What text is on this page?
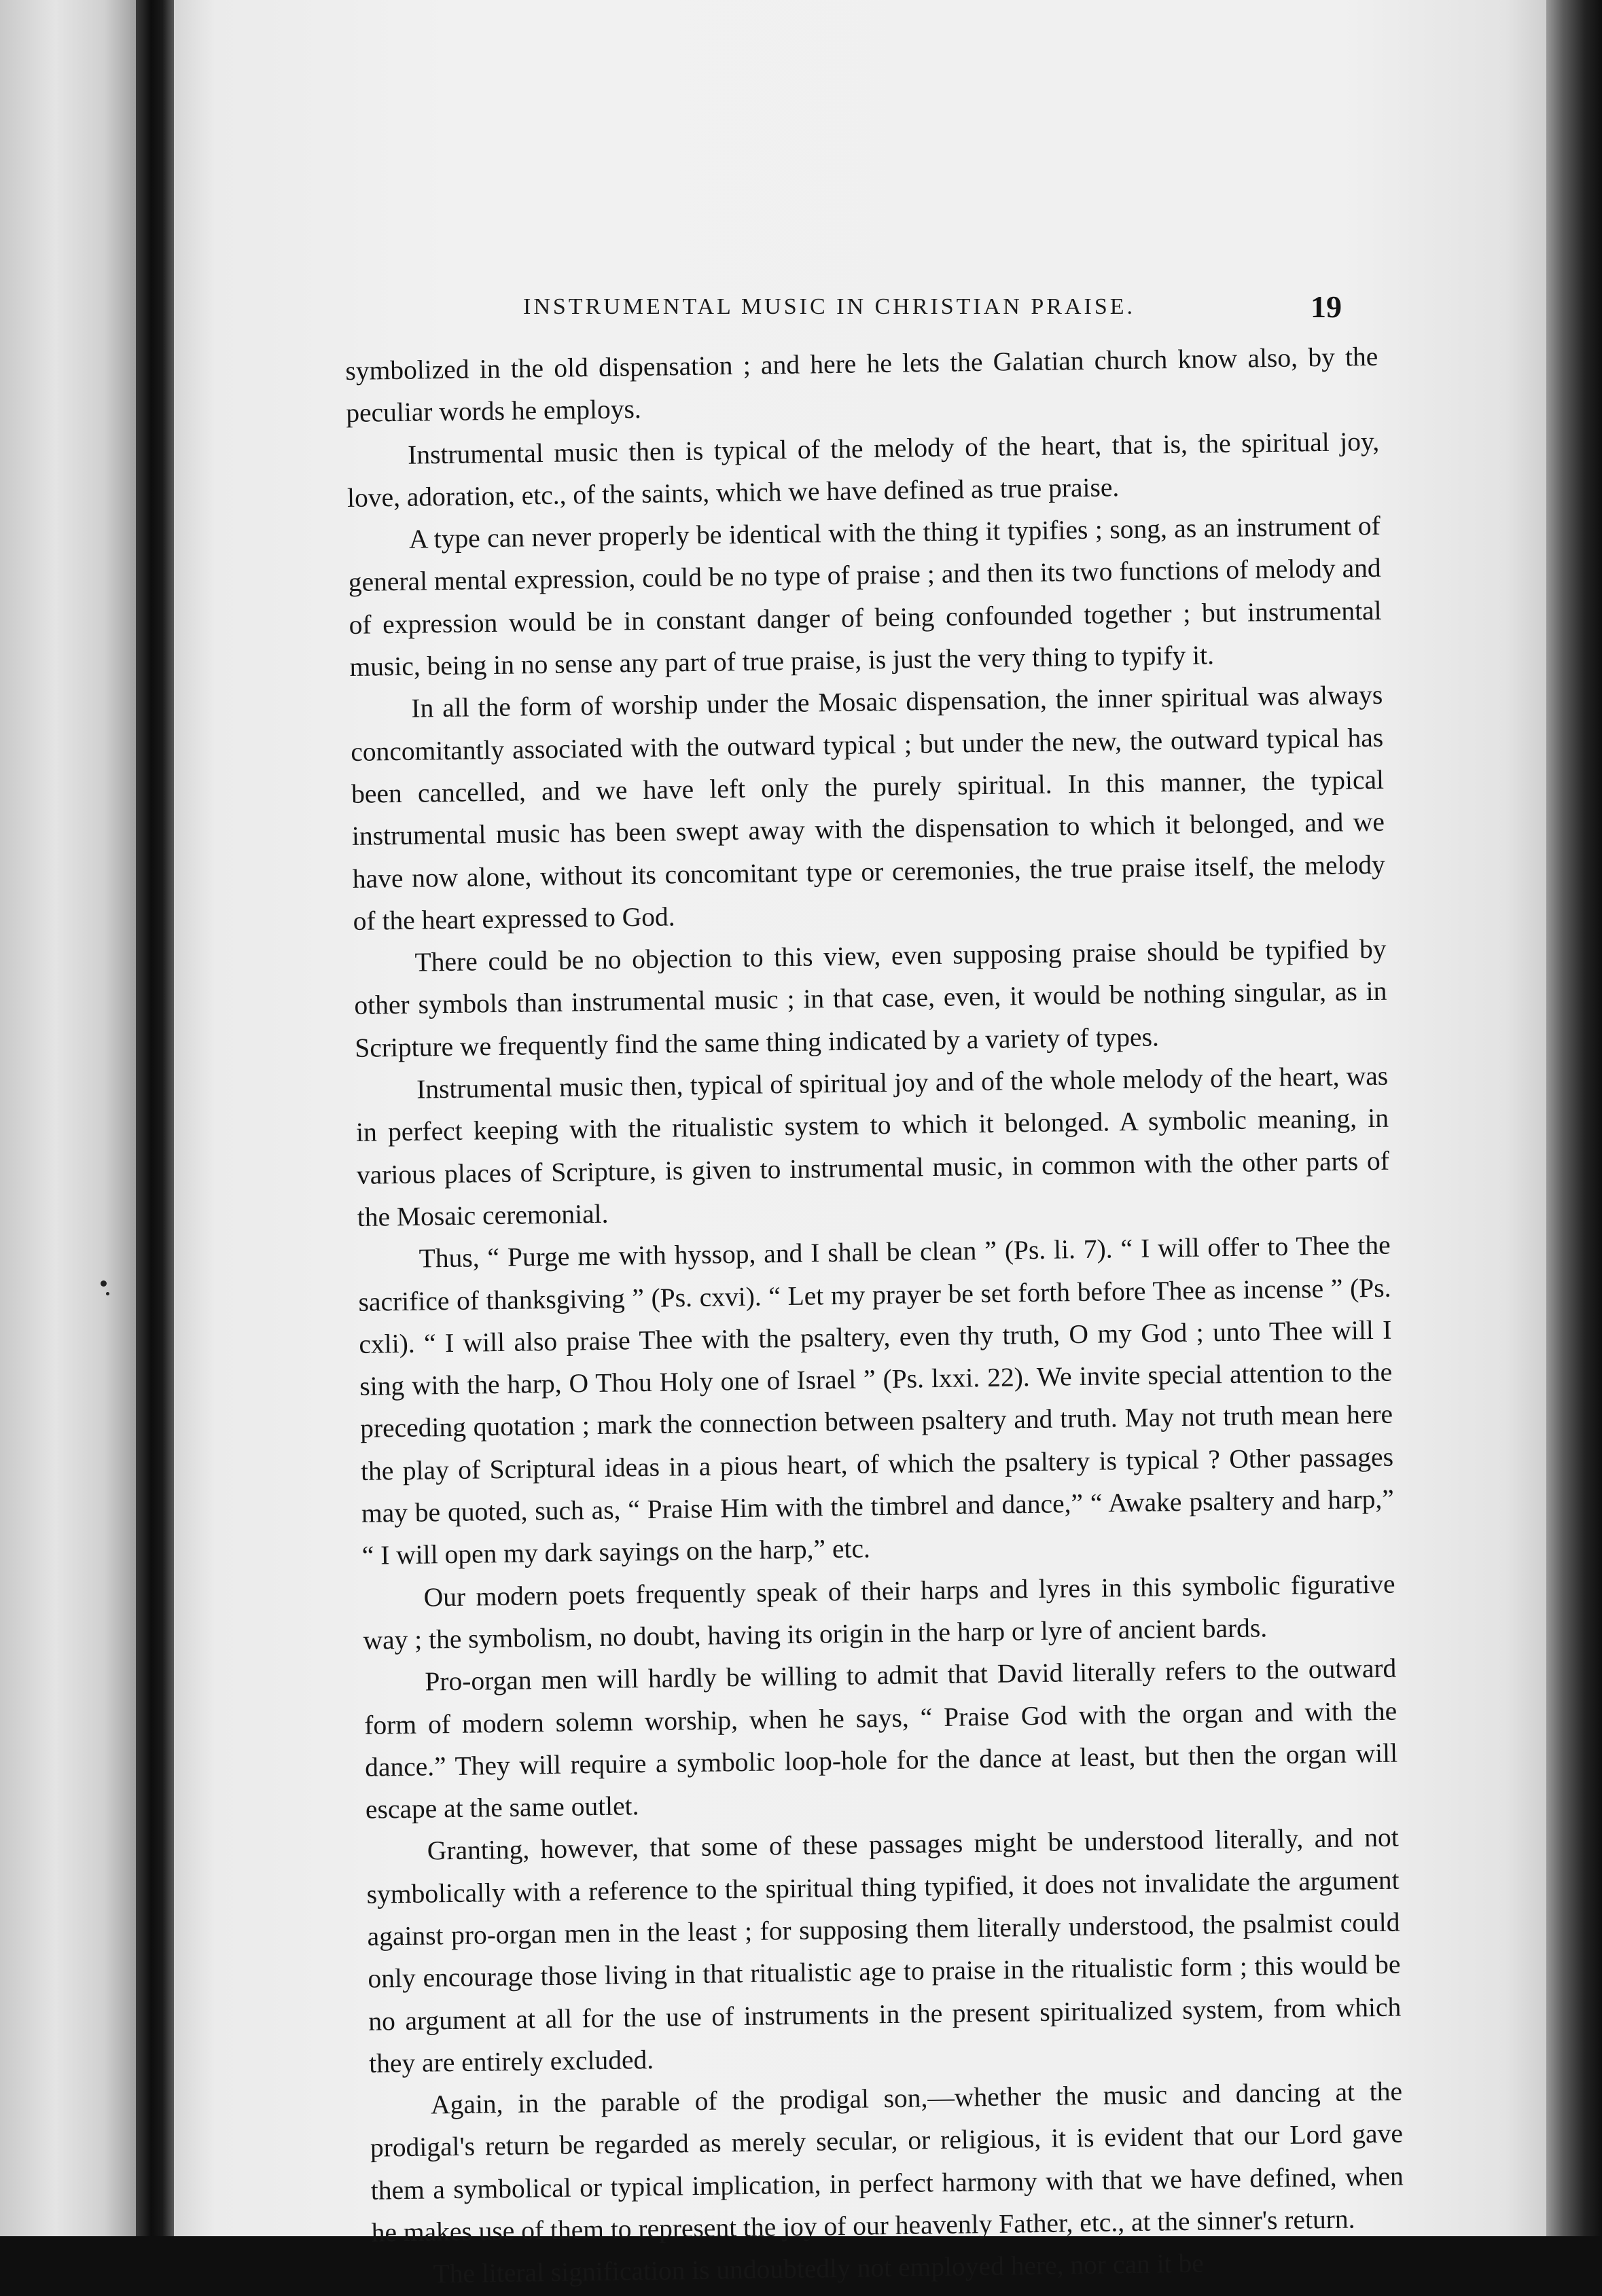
INSTRUMENTAL MUSIC IN CHRISTIAN PRAISE.	19

symbolized in the old dispensation ; and here he lets the Galatian church know also, by the peculiar words he employs.

Instrumental music then is typical of the melody of the heart, that is, the spiritual joy, love, adoration, etc., of the saints, which we have defined as true praise.

A type can never properly be identical with the thing it typifies ; song, as an instrument of general mental expression, could be no type of praise ; and then its two functions of melody and of expression would be in constant danger of being confounded together ; but instrumental music, being in no sense any part of true praise, is just the very thing to typify it.

In all the form of worship under the Mosaic dispensation, the inner spiritual was always concomitantly associated with the outward typical ; but under the new, the outward typical has been cancelled, and we have left only the purely spiritual. In this manner, the typical instrumental music has been swept away with the dispensation to which it belonged, and we have now alone, without its concomitant type or ceremonies, the true praise itself, the melody of the heart expressed to God.

There could be no objection to this view, even supposing praise should be typified by other symbols than instrumental music ; in that case, even, it would be nothing singular, as in Scripture we frequently find the same thing indicated by a variety of types.

Instrumental music then, typical of spiritual joy and of the whole melody of the heart, was in perfect keeping with the ritualistic system to which it belonged. A symbolic meaning, in various places of Scripture, is given to instrumental music, in common with the other parts of the Mosaic ceremonial.

Thus, “ Purge me with hyssop, and I shall be clean ” (Ps. li. 7). “ I will offer to Thee the sacrifice of thanksgiving ” (Ps. cxvi). “ Let my prayer be set forth before Thee as incense ” (Ps. cxli). “ I will also praise Thee with the psaltery, even thy truth, O my God ; unto Thee will I sing with the harp, O Thou Holy one of Israel ” (Ps. lxxi. 22). We invite special attention to the preceding quotation ; mark the connection between psaltery and truth. May not truth mean here the play of Scriptural ideas in a pious heart, of which the psaltery is typical ? Other passages may be quoted, such as, “ Praise Him with the timbrel and dance,” “ Awake psaltery and harp,” “ I will open my dark sayings on the harp,” etc.

Our modern poets frequently speak of their harps and lyres in this symbolic figurative way ; the symbolism, no doubt, having its origin in the harp or lyre of ancient bards.

Pro-organ men will hardly be willing to admit that David literally refers to the outward form of modern solemn worship, when he says, “ Praise God with the organ and with the dance.” They will require a symbolic loop-hole for the dance at least, but then the organ will escape at the same outlet.

Granting, however, that some of these passages might be understood literally, and not symbolically with a reference to the spiritual thing typified, it does not invalidate the argument against pro-organ men in the least ; for supposing them literally understood, the psalmist could only encourage those living in that ritualistic age to praise in the ritualistic form ; this would be no argument at all for the use of instruments in the present spiritualized system, from which they are entirely excluded.

Again, in the parable of the prodigal son,—whether the music and dancing at the prodigal's return be regarded as merely secular, or religious, it is evident that our Lord gave them a symbolical or typical implication, in perfect harmony with that we have defined, when he makes use of them to represent the joy of our heavenly Father, etc., at the sinner's return.

The literal signification is undoubtedly not employed here, nor can it be
